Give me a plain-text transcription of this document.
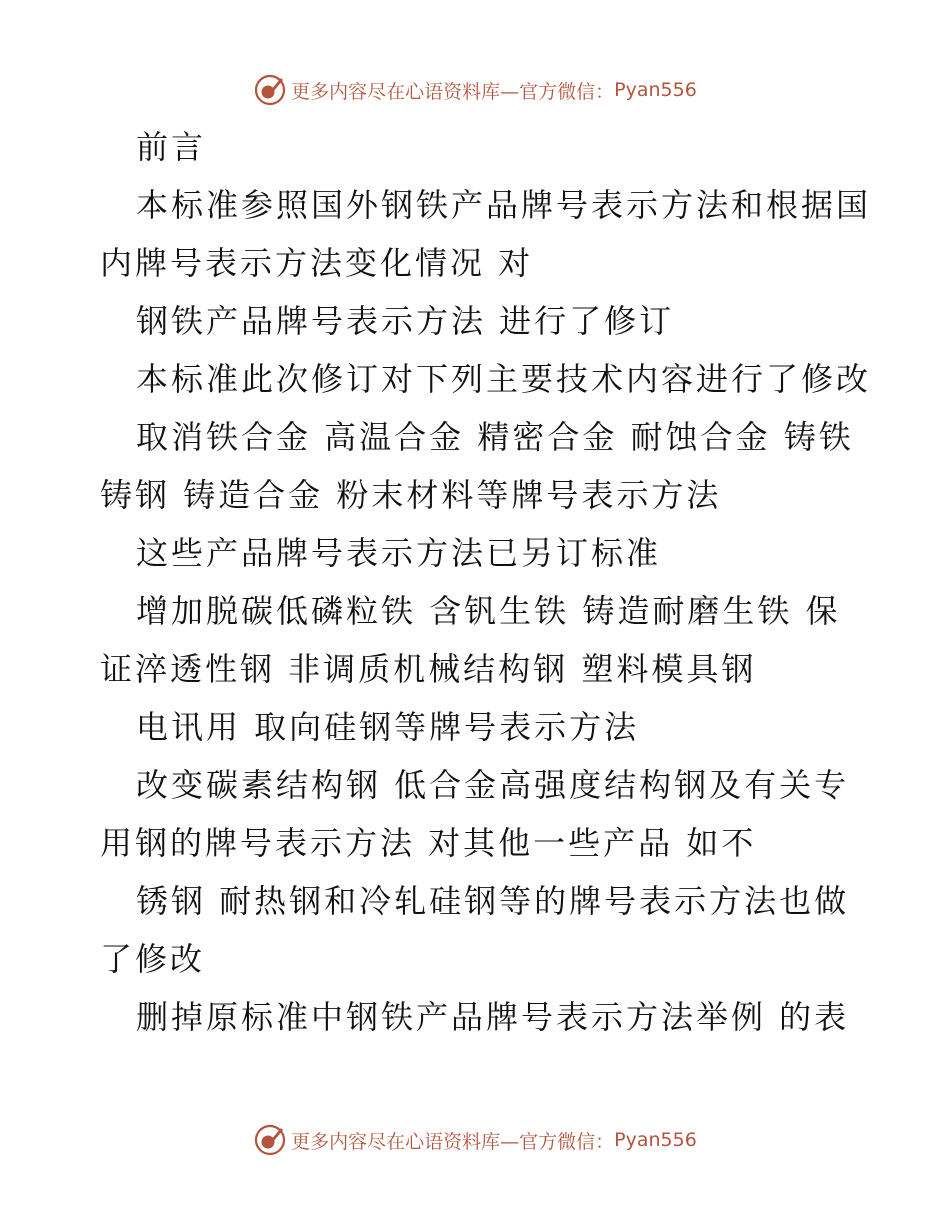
更多内容尽在心语资料库—官方微信： Pyan556
前言
本标准参照国外钢铁产品牌号表示方法和根据国
内牌号表示方法变化情况 对
钢铁产品牌号表示方法 进行了修订
本标准此次修订对下列主要技术内容进行了修改
取消铁合金 高温合金 精密合金 耐蚀合金 铸铁
铸钢 铸造合金 粉末材料等牌号表示方法
这些产品牌号表示方法已另订标准
增加脱碳低磷粒铁 含钒生铁 铸造耐磨生铁 保
证淬透性钢 非调质机械结构钢 塑料模具钢
电讯用 取向硅钢等牌号表示方法
改变碳素结构钢 低合金高强度结构钢及有关专
用钢的牌号表示方法 对其他一些产品 如不
锈钢 耐热钢和冷轧硅钢等的牌号表示方法也做
了修改
删掉原标准中钢铁产品牌号表示方法举例 的表
更多内容尽在心语资料库—官方微信： Pyan556
